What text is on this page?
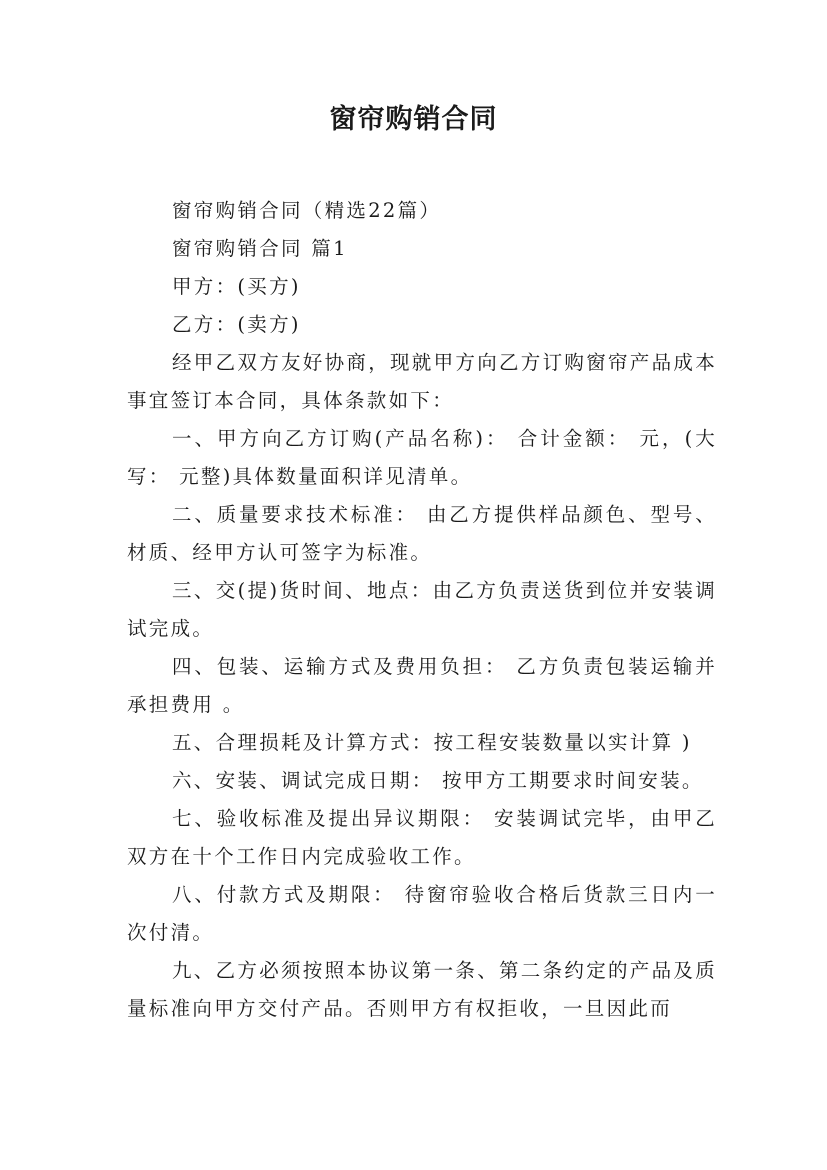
窗帘购销合同

窗帘购销合同（精选22篇）

窗帘购销合同 篇1

甲方：(买方)

乙方：(卖方)

经甲乙双方友好协商，现就甲方向乙方订购窗帘产品成本事宜签订本合同，具体条款如下：

一、甲方向乙方订购(产品名称)： 合计金额： 元，(大写： 元整)具体数量面积详见清单。

二、质量要求技术标准： 由乙方提供样品颜色、型号、材质、经甲方认可签字为标准。

三、交(提)货时间、地点：由乙方负责送货到位并安装调试完成。

四、包装、运输方式及费用负担： 乙方负责包装运输并承担费用 。

五、合理损耗及计算方式：按工程安装数量以实计算 )

六、安装、调试完成日期： 按甲方工期要求时间安装。

七、验收标准及提出异议期限： 安装调试完毕，由甲乙双方在十个工作日内完成验收工作。

八、付款方式及期限： 待窗帘验收合格后货款三日内一次付清。

九、乙方必须按照本协议第一条、第二条约定的产品及质量标准向甲方交付产品。否则甲方有权拒收，一旦因此而
